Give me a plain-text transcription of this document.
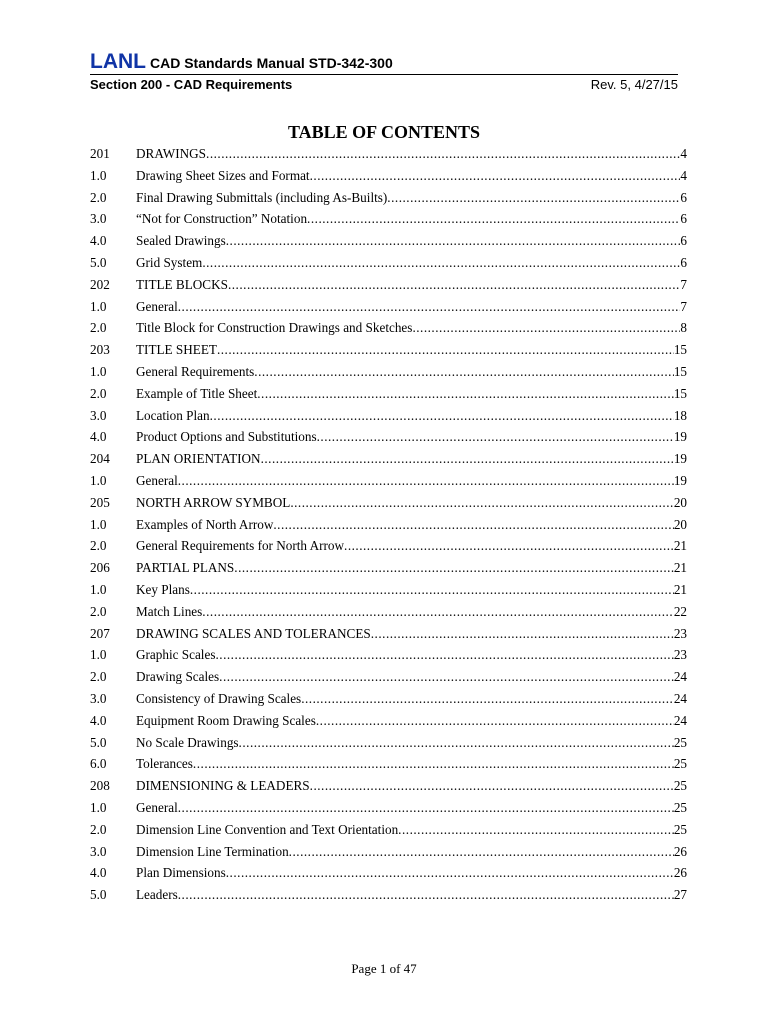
LANL CAD Standards Manual STD-342-300
Section 200 - CAD Requirements	Rev. 5, 4/27/15
TABLE OF CONTENTS
201	DRAWINGS .....	4
1.0	Drawing Sheet Sizes and Format .....	4
2.0	Final Drawing Submittals (including As-Builts) .....	6
3.0	“Not for Construction” Notation .....	6
4.0	Sealed Drawings .....	6
5.0	Grid System .....	6
202	TITLE BLOCKS .....	7
1.0	General .....	7
2.0	Title Block for Construction Drawings and Sketches .....	8
203	TITLE SHEET .....	15
1.0	General Requirements .....	15
2.0	Example of Title Sheet .....	15
3.0	Location Plan .....	18
4.0	Product Options and Substitutions .....	19
204	PLAN ORIENTATION .....	19
1.0	General .....	19
205	NORTH ARROW SYMBOL .....	20
1.0	Examples of North Arrow .....	20
2.0	General Requirements for North Arrow .....	21
206	PARTIAL PLANS .....	21
1.0	Key Plans .....	21
2.0	Match Lines .....	22
207	DRAWING SCALES AND TOLERANCES .....	23
1.0	Graphic Scales .....	23
2.0	Drawing Scales .....	24
3.0	Consistency of Drawing Scales .....	24
4.0	Equipment Room Drawing Scales .....	24
5.0	No Scale Drawings .....	25
6.0	Tolerances .....	25
208	DIMENSIONING & LEADERS .....	25
1.0	General .....	25
2.0	Dimension Line Convention and Text Orientation .....	25
3.0	Dimension Line Termination .....	26
4.0	Plan Dimensions .....	26
5.0	Leaders .....	27
Page 1 of 47
